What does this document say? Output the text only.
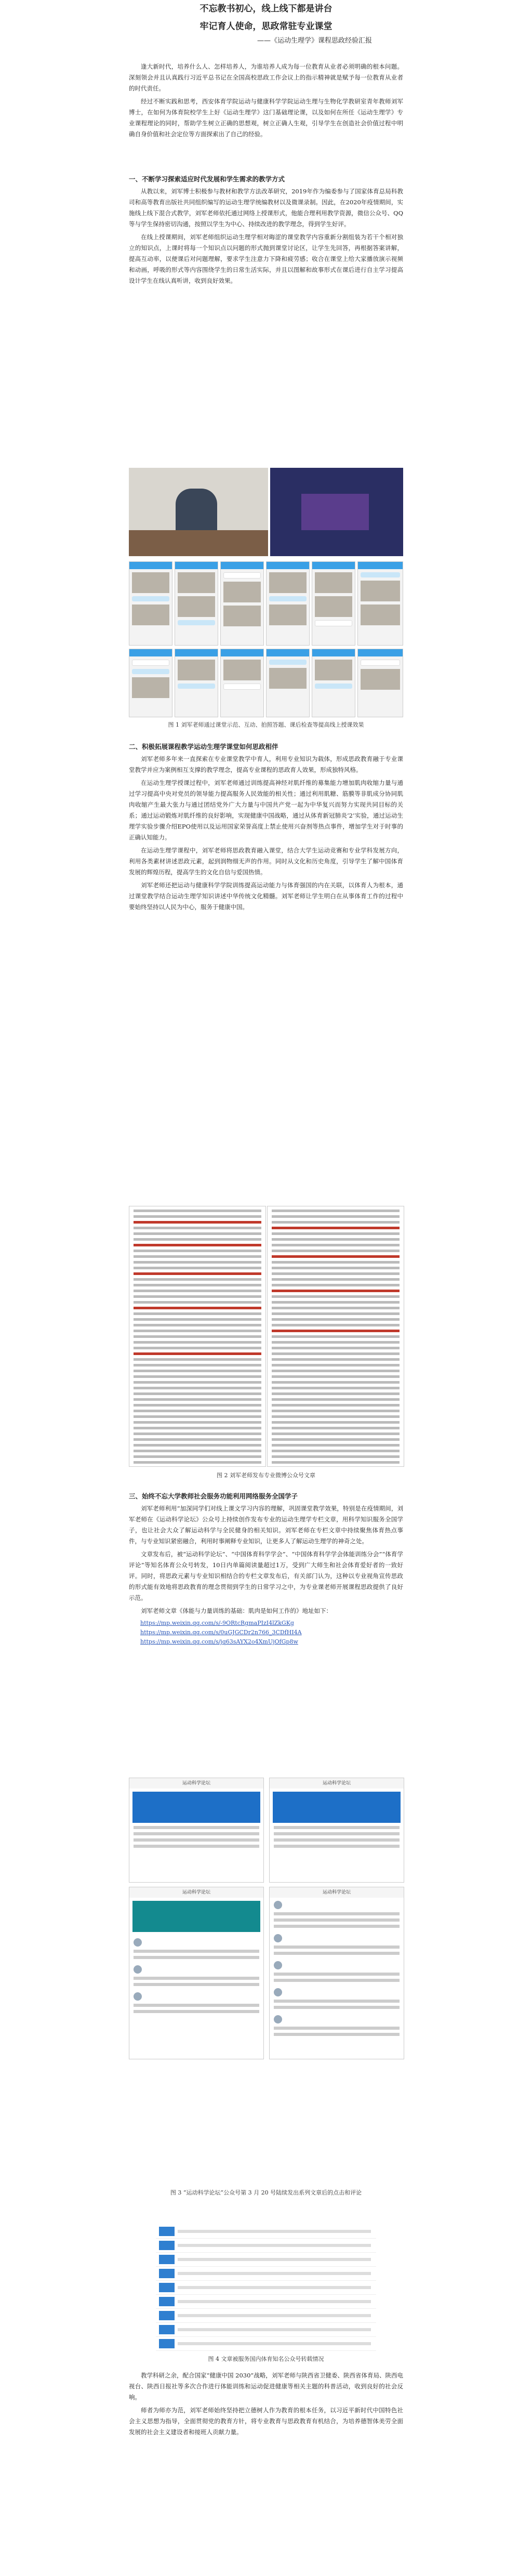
不忘教书初心，线上线下都是讲台
牢记育人使命，思政常驻专业课堂
——《运动生理学》课程思政经验汇报

逢大新时代，培养什么人、怎样培养人，为谁培养人成为每一位教育从业者必须明确的根本问题。深刻领会并且认真践行习近平总书记在全国高校思政工作会议上的指示精神就是赋予每一位教育从业者的时代责任。

经过不断实践和思考，西安体育学院运动与健康科学学院运动生理与生物化学教研室青年教师刘军博士，在如何为体育院校学生上好《运动生理学》这门基础理论课，以及如何在所任《运动生理学》专业课程理论的同时，帮助学生树立正确的思想观，树立正确人生观，引导学生在创造社会价值过程中明确自身价值和社会定位等方面探索出了自己的经验。

一、不断学习探索适应时代发展和学生需求的教学方式

从教以来，刘军博士积极参与教材和教学方法改革研究，2019年作为编委参与了国家体育总局科教司和高等教育出版社共同组织编写的运动生理学统编教材以及微课录制。因此，在2020年疫情期间，实施线上线下混合式教学，刘军老师依托通过网络上授课形式，他能合理利用教学资源，微信公众号、QQ等与学生保持密切沟通，按照以学生为中心、持续改进的教学理念，得到学生好评。

在线上授课期间，刘军老师组织运动生理学相对晦涩的课堂教学内容重新分割组装为若干个相对独立的知识点，上课时将每一个知识点以问题的形式抛到课堂讨论区，让学生先回答，再根据答案讲解，提高互动率，以便课后对问题理解，要求学生注意力下降和疲劳感；收合在课堂上给大家播放演示视频和动画，呼吸的形式等内容围绕学生的日常生活实际，并且以图解和故事形式在课后进行自主学习提高设计学生在线认真听讲，收到良好效果。

图 1 刘军老师通过课堂示范、互动、拍照答题、课后检查等提高线上授课效果
二、积极拓展课程教学运动生理学课堂如何思政相伴

刘军老师多年来一直探索在专业课堂教学中育人，利用专业知识为载体，形成思政教育融于专业课堂教学并应为案例相互支撑的教学理念，提高专业课程的思政育人效果，形成独特风格。

在运动生理学授课过程中，刘军老师通过训练提高神经对肌纤维的募集能力增加肌肉收缩力量与通过学习提高中央对党员的领导能力提高服务人民效能的相关性；通过利用肌糖、筋膜等非肌成分协同肌肉收缩产生最大张力与通过团结党外广大力量与中国共产党一起为中华复兴而努力实现共同目标的关系；通过运动锻炼对肌纤维的良好影响，实现健康中国战略，通过从体育新冠肺炎‘2’实验，通过运动生理学实验步骤介绍EPO使用以及运用国家荣誉高度上禁止使用兴奋剂等热点事件，增加学生对于时事的正确认知能力。

在运动生理学课程中，刘军老师将思政教育融入课堂，结合大学生运动竞赛和专业学科发展方向，利用各类素材讲述思政元素，起到润物细无声的作用。同时从文化和历史角度，引导学生了解中国体育发展的辉煌历程，提高学生的文化自信与爱国热情。

刘军老师还把运动与健康科学学院训练提高运动能力与体育强国的内在关联，以体育人为根本，通过课堂教学结合运动生理学知识讲述中华传统文化精髓。刘军老师让学生明白在从事体育工作的过程中要始终坚持以人民为中心，服务于健康中国。

图 2 刘军老师发布专业微博公众号文章
三、始终不忘大学教师社会服务功能利用网络服务全国学子

刘军老师利用“加深同学们对线上课文学习内容的理解，巩固课堂教学效果，特别是在疫情期间，刘军老师在《运动科学论坛》公众号上持续创作发布专业的运动生理学专栏文章，用科学知识服务全国学子，也让社会大众了解运动科学与全民健身的相关知识。刘军老师在专栏文章中持续聚焦体育热点事件，与专业知识紧密融合，利用时事阐释专业知识，让更多人了解运动生理学的神奇之处。

文章发布后，被“运动科学论坛”、“中国体育科学学会”、“中国体育科学学会体能训练分会”“体育学评论”等知名体育公众号转发，10日内单篇阅读量超过1万，受到广大师生和社会体育爱好者的一致好评。同时，将思政元素与专业知识相结合的专栏文章发布后，有关部门认为，这种以专业视角宣传思政的形式能有效地将思政教育的理念贯彻到学生的日常学习之中，为专业课老师开展课程思政提供了良好示范。

刘军老师文章《体能与力量训练的基础：肌肉是如何工作的》地址如下：

https://mp.weixin.qq.com/s/-9ORtcRgmaPIzI4lZkGKg
https://mp.weixin.qq.com/s/0uGJGCDr2n766_3CDfHI4A
https://mp.weixin.qq.com/s/jq63sAYX2o4XmUjOfGp8w
运动科学论坛	运动科学论坛
运动科学论坛	运动科学论坛
图 3 “运动科学论坛”公众号第 3 月 20 号陆续发出系列文章后的点击和评论
图 4 文章被服务国内体育知名公众号转载情况

教学科研之余，配合国家“健康中国 2030”战略，刘军老师与陕西省卫健委、陕西省体育局、陕西电视台、陕西日报社等多次合作进行体能训练和运动促进健康等相关主题的科普活动，收到良好的社会反响。

师者为师亦为范，刘军老师始终坚持把立德树人作为教育的根本任务，以习近平新时代中国特色社会主义思想为指导，全面贯彻党的教育方针，将专业教育与思政教育有机结合，为培养德智体美劳全面发展的社会主义建设者和接班人贡献力量。
